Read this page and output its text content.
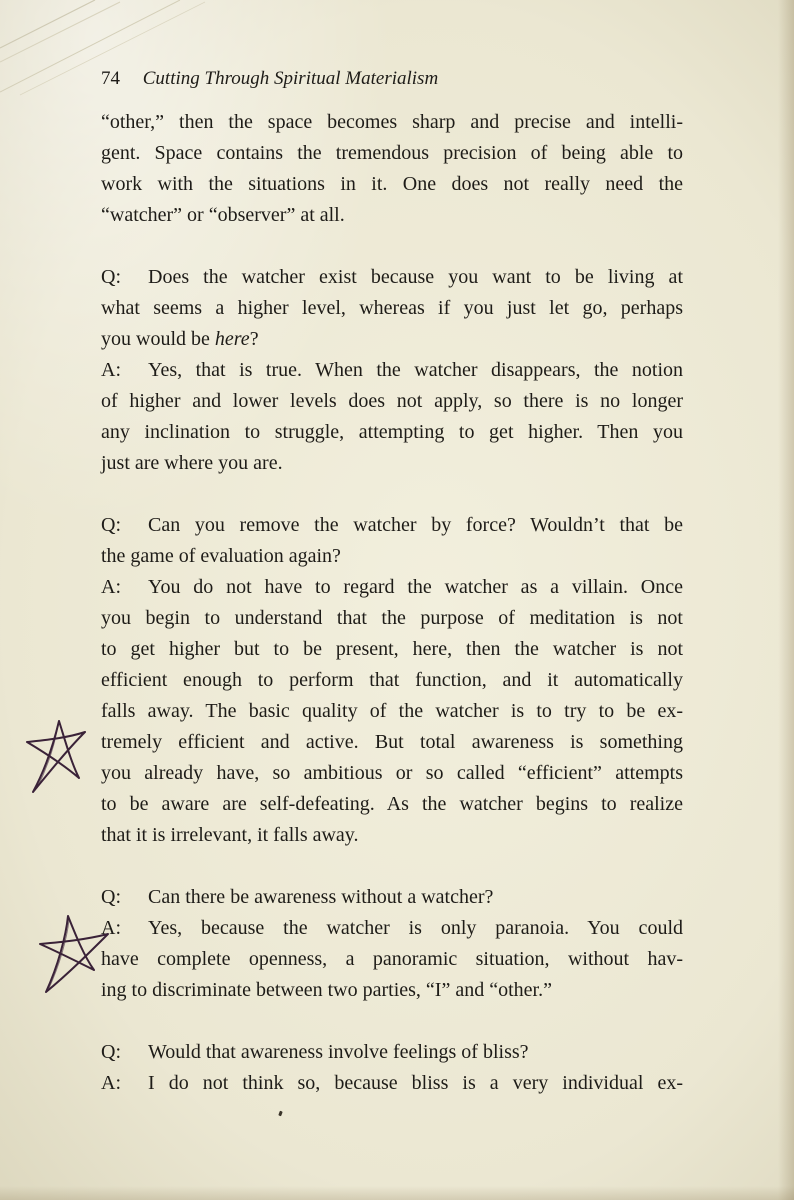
74 Cutting Through Spiritual Materialism
“other,” then the space becomes sharp and precise and intelli-
gent. Space contains the tremendous precision of being able to
work with the situations in it. One does not really need the
“watcher” or “observer” at all.
Q: Does the watcher exist because you want to be living at
what seems a higher level, whereas if you just let go, perhaps
you would be here?
A: Yes, that is true. When the watcher disappears, the notion
of higher and lower levels does not apply, so there is no longer
any inclination to struggle, attempting to get higher. Then you
just are where you are.
Q: Can you remove the watcher by force? Wouldn’t that be
the game of evaluation again?
A: You do not have to regard the watcher as a villain. Once
you begin to understand that the purpose of meditation is not
to get higher but to be present, here, then the watcher is not
efficient enough to perform that function, and it automatically
falls away. The basic quality of the watcher is to try to be ex-
tremely efficient and active. But total awareness is something
you already have, so ambitious or so called “efficient” attempts
to be aware are self-defeating. As the watcher begins to realize
that it is irrelevant, it falls away.
Q: Can there be awareness without a watcher?
A: Yes, because the watcher is only paranoia. You could
have complete openness, a panoramic situation, without hav-
ing to discriminate between two parties, “I” and “other.”
Q: Would that awareness involve feelings of bliss?
A: I do not think so, because bliss is a very individual ex-
